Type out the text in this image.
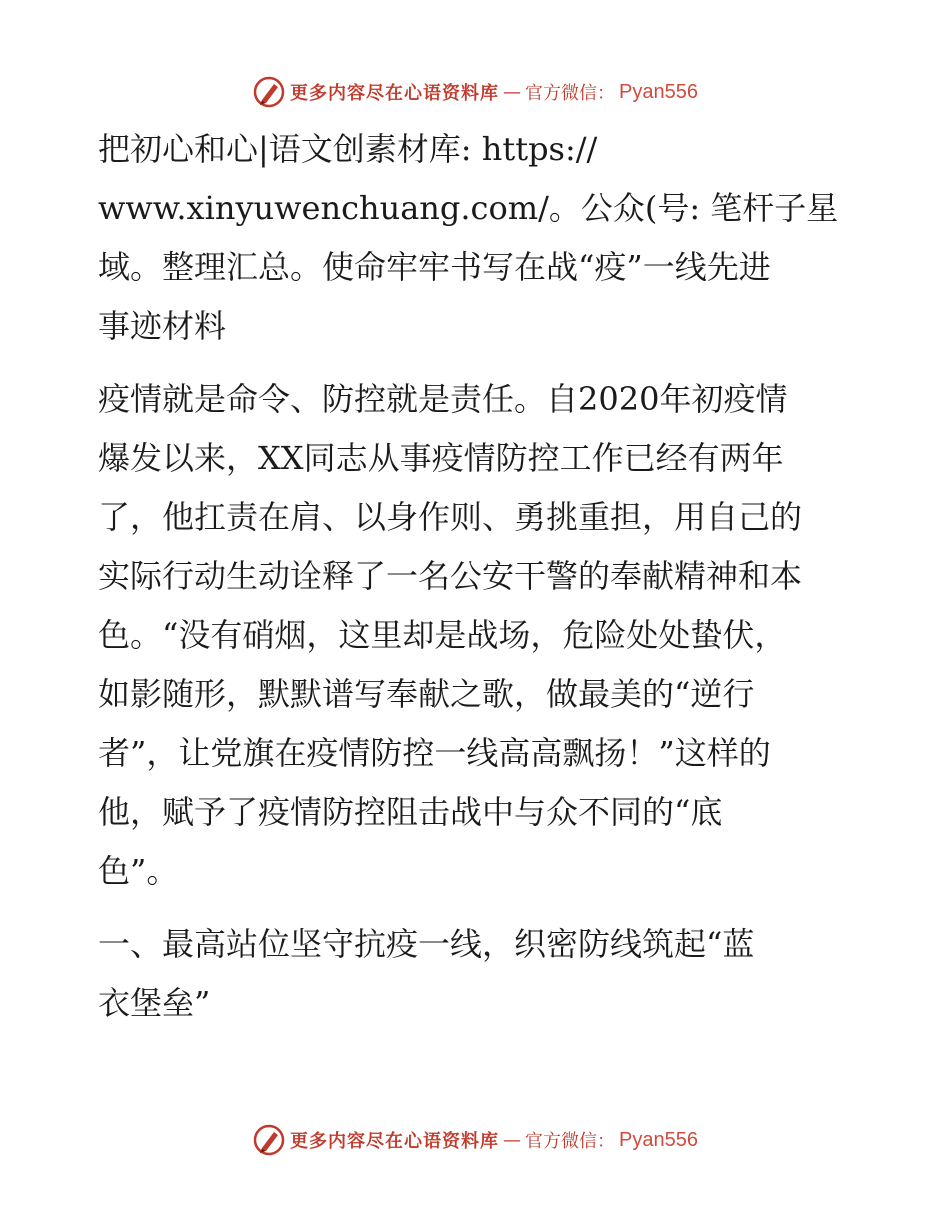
更多内容尽在心语资料库 — 官方微信： Pyan556

把初心和心|语文创素材库: https://
www.xinyuwenchuang.com/。公众(号: 笔杆子星
域。整理汇总。使命牢牢书写在战“疫”一线先进
事迹材料

疫情就是命令、防控就是责任。自2020年初疫情
爆发以来，XX同志从事疫情防控工作已经有两年
了，他扛责在肩、以身作则、勇挑重担，用自己的
实际行动生动诠释了一名公安干警的奉献精神和本
色。“没有硝烟，这里却是战场，危险处处蛰伏，
如影随形，默默谱写奉献之歌，做最美的“逆行
者”，让党旗在疫情防控一线高高飘扬！”这样的
他，赋予了疫情防控阻击战中与众不同的“底
色”。

一、最高站位坚守抗疫一线，织密防线筑起“蓝
衣堡垒”

更多内容尽在心语资料库 — 官方微信： Pyan556
